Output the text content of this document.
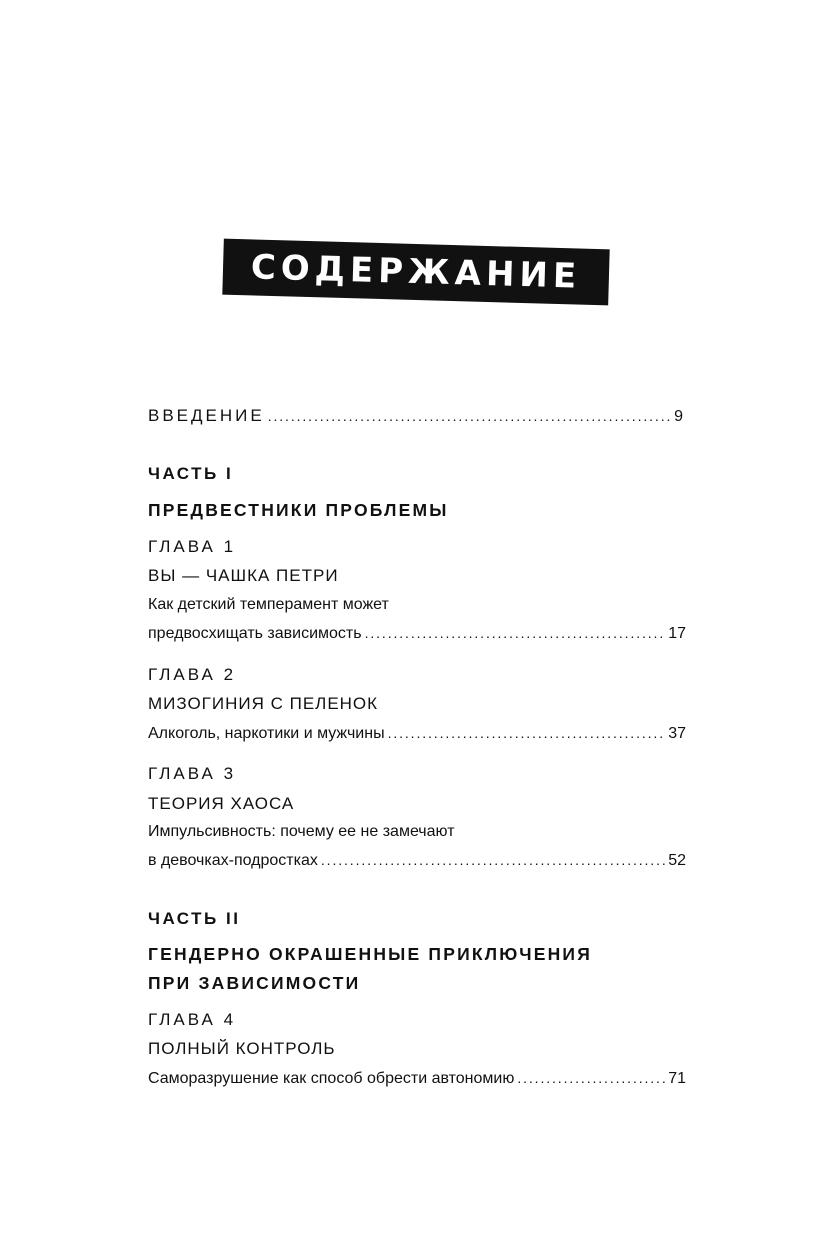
СОДЕРЖАНИЕ
ВВЕДЕНИЕ . . .	9
ЧАСТЬ I
ПРЕДВЕСТНИКИ ПРОБЛЕМЫ
ГЛАВА 1
ВЫ — ЧАШКА ПЕТРИ
Как детский темперамент может
предвосхищать зависимость . . .	17
ГЛАВА 2
МИЗОГИНИЯ С ПЕЛЕНОК
Алкоголь, наркотики и мужчины . . .	37
ГЛАВА 3
ТЕОРИЯ ХАОСА
Импульсивность: почему ее не замечают
в девочках-подростках . . .	52
ЧАСТЬ II
ГЕНДЕРНО ОКРАШЕННЫЕ ПРИКЛЮЧЕНИЯ
ПРИ ЗАВИСИМОСТИ
ГЛАВА 4
ПОЛНЫЙ КОНТРОЛЬ
Саморазрушение как способ обрести автономию . . .	71
